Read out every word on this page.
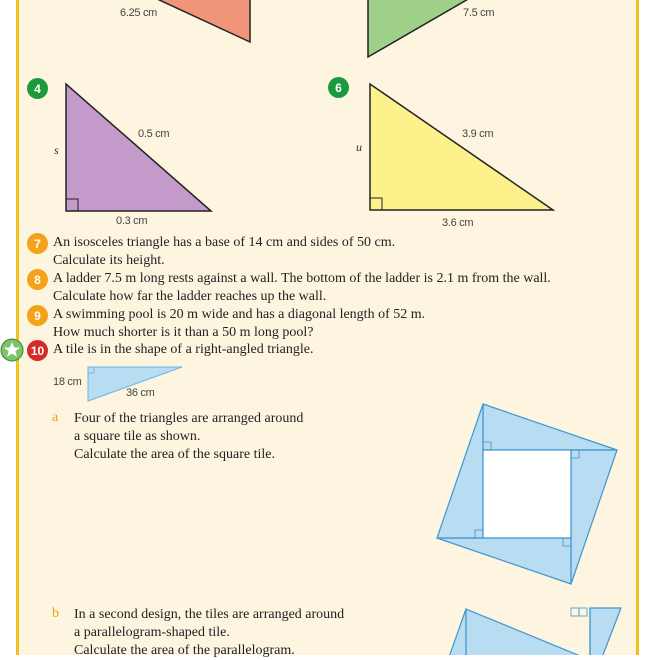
6.25 cm	7.5 cm
4
0.5 cm
s
0.3 cm
6
3.9 cm
u
3.6 cm
7 An isosceles triangle has a base of 14 cm and sides of 50 cm.
Calculate its height.
8 A ladder 7.5 m long rests against a wall. The bottom of the ladder is 2.1 m from the wall.
Calculate how far the ladder reaches up the wall.
9 A swimming pool is 20 m wide and has a diagonal length of 52 m.
How much shorter is it than a 50 m long pool?
10 A tile is in the shape of a right-angled triangle.
18 cm
36 cm
a Four of the triangles are arranged around
a square tile as shown.
Calculate the area of the square tile.
b In a second design, the tiles are arranged around
a parallelogram-shaped tile.
Calculate the area of the parallelogram.
